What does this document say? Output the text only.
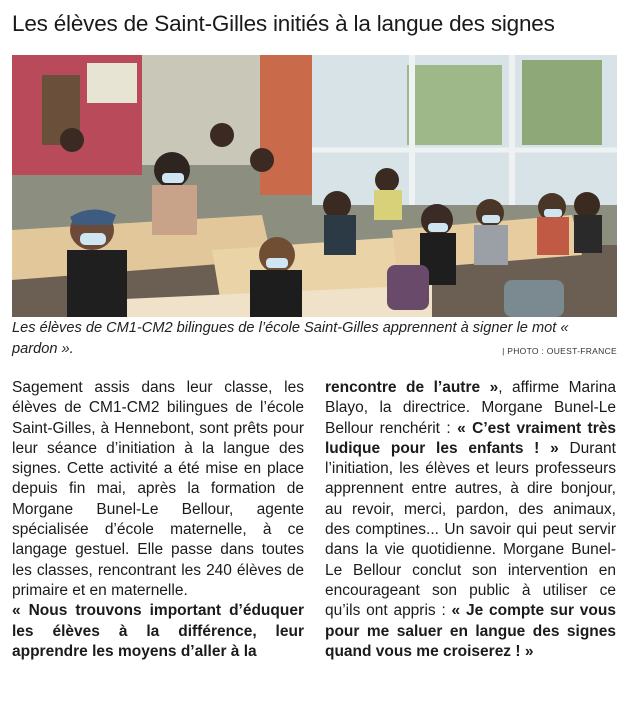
Les élèves de Saint-Gilles initiés à la langue des signes
Les élèves de CM1-CM2 bilingues de l’école Saint-Gilles apprennent à signer le mot « pardon ».	| PHOTO : OUEST-FRANCE

Sagement assis dans leur classe, les élèves de CM1-CM2 bilingues de l’école Saint-Gilles, à Hennebont, sont prêts pour leur séance d’initiation à la langue des signes. Cette activité a été mise en place depuis fin mai, après la formation de Morgane Bunel-Le Bellour, agente spécialisée d’école maternelle, à ce langage gestuel. Elle passe dans toutes les classes, rencontrant les 240 élèves de primaire et en maternelle.

« Nous trouvons important d’éduquer les élèves à la différence, leur apprendre les moyens d’aller à la

rencontre de l’autre », affirme Marina Blayo, la directrice. Morgane Bunel-Le Bellour renchérit : « C’est vraiment très ludique pour les enfants ! » Durant l’initiation, les élèves et leurs professeurs apprennent entre autres, à dire bonjour, au revoir, merci, pardon, des animaux, des comptines... Un savoir qui peut servir dans la vie quotidienne. Morgane Bunel-Le Bellour conclut son intervention en encourageant son public à utiliser ce qu’ils ont appris : « Je compte sur vous pour me saluer en langue des signes quand vous me croiserez ! »
